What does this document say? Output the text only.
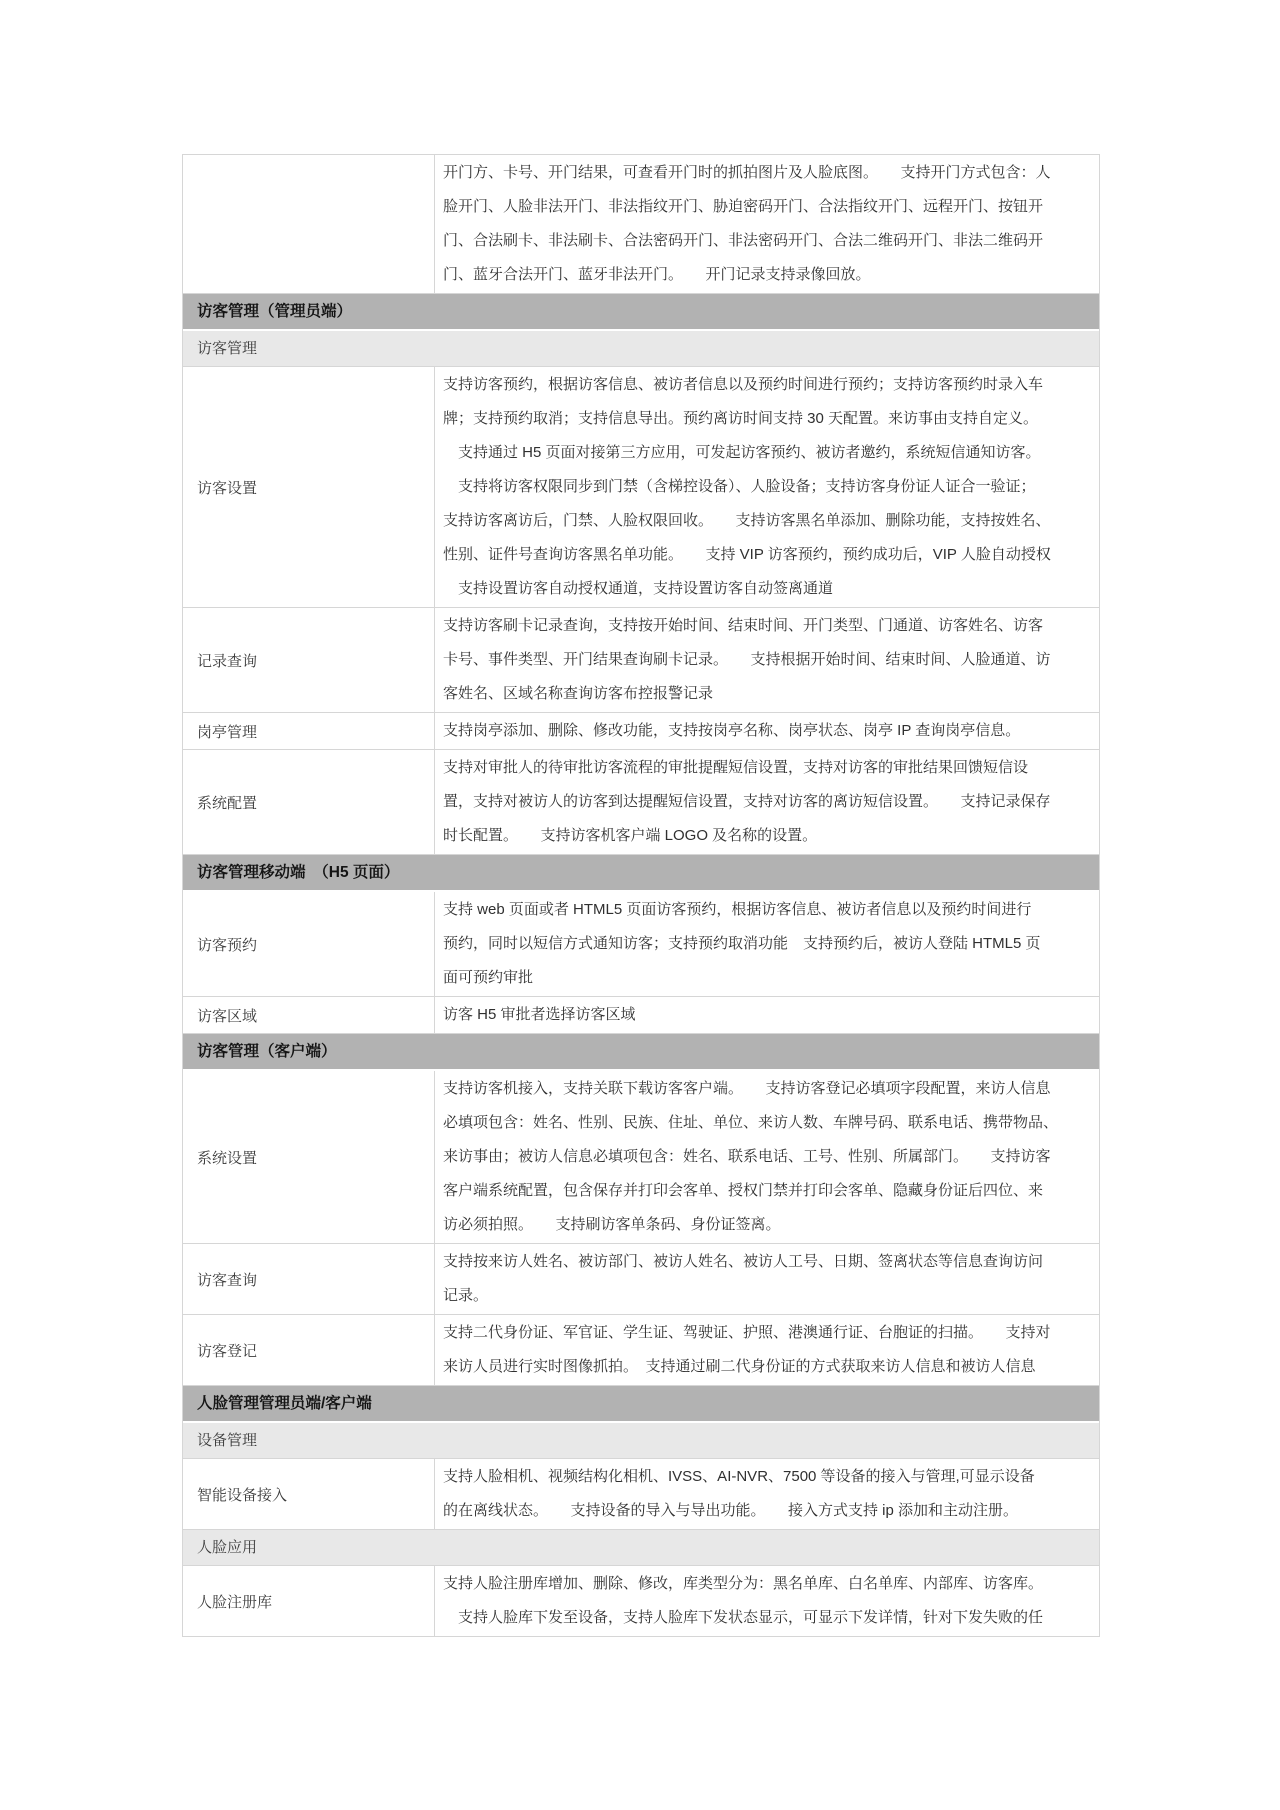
开门方、卡号、开门结果，可查看开门时的抓拍图片及人脸底图。　　支持开门方式包含：人
脸开门、人脸非法开门、非法指纹开门、胁迫密码开门、合法指纹开门、远程开门、按钮开
门、合法刷卡、非法刷卡、合法密码开门、非法密码开门、合法二维码开门、非法二维码开
门、蓝牙合法开门、蓝牙非法开门。　　开门记录支持录像回放。
访客管理（管理员端）
访客管理
访客设置
支持访客预约，根据访客信息、被访者信息以及预约时间进行预约；支持访客预约时录入车
牌；支持预约取消；支持信息导出。预约离访时间支持 30 天配置。来访事由支持自定义。
　支持通过 H5 页面对接第三方应用，可发起访客预约、被访者邀约，系统短信通知访客。
　支持将访客权限同步到门禁（含梯控设备）、人脸设备；支持访客身份证人证合一验证；
支持访客离访后，门禁、人脸权限回收。　　支持访客黑名单添加、删除功能，支持按姓名、
性别、证件号查询访客黑名单功能。　　支持 VIP 访客预约，预约成功后，VIP 人脸自动授权
　支持设置访客自动授权通道，支持设置访客自动签离通道
记录查询
支持访客刷卡记录查询，支持按开始时间、结束时间、开门类型、门通道、访客姓名、访客
卡号、事件类型、开门结果查询刷卡记录。　　支持根据开始时间、结束时间、人脸通道、访
客姓名、区域名称查询访客布控报警记录
岗亭管理	支持岗亭添加、删除、修改功能，支持按岗亭名称、岗亭状态、岗亭 IP 查询岗亭信息。
系统配置
支持对审批人的待审批访客流程的审批提醒短信设置，支持对访客的审批结果回馈短信设
置，支持对被访人的访客到达提醒短信设置，支持对访客的离访短信设置。　　支持记录保存
时长配置。　　支持访客机客户端 LOGO 及名称的设置。
访客管理移动端　（H5 页面）
访客预约
支持 web 页面或者 HTML5 页面访客预约，根据访客信息、被访者信息以及预约时间进行
预约，同时以短信方式通知访客；支持预约取消功能　支持预约后，被访人登陆 HTML5 页
面可预约审批
访客区域	访客 H5 审批者选择访客区域
访客管理（客户端）
系统设置
支持访客机接入，支持关联下载访客客户端。　　支持访客登记必填项字段配置，来访人信息
必填项包含：姓名、性别、民族、住址、单位、来访人数、车牌号码、联系电话、携带物品、
来访事由；被访人信息必填项包含：姓名、联系电话、工号、性别、所属部门。　　支持访客
客户端系统配置，包含保存并打印会客单、授权门禁并打印会客单、隐藏身份证后四位、来
访必须拍照。　　支持刷访客单条码、身份证签离。
访客查询
支持按来访人姓名、被访部门、被访人姓名、被访人工号、日期、签离状态等信息查询访问
记录。
访客登记
支持二代身份证、军官证、学生证、驾驶证、护照、港澳通行证、台胞证的扫描。　　支持对
来访人员进行实时图像抓拍。　支持通过刷二代身份证的方式获取来访人信息和被访人信息
人脸管理管理员端/客户端
设备管理
智能设备接入
支持人脸相机、视频结构化相机、IVSS、AI-NVR、7500 等设备的接入与管理,可显示设备
的在离线状态。　　支持设备的导入与导出功能。　　接入方式支持 ip 添加和主动注册。
人脸应用
人脸注册库
支持人脸注册库增加、删除、修改，库类型分为：黑名单库、白名单库、内部库、访客库。
　支持人脸库下发至设备，支持人脸库下发状态显示，可显示下发详情，针对下发失败的任
